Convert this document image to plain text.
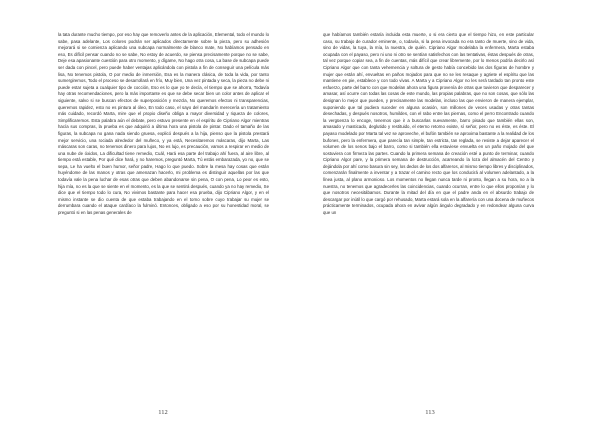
la tata durante mucho tiempo, por eso hay que removerlo antes de la aplicación, Elemental, todo el mundo lo sabe, pasa adelante, Los colores podrán ser aplicados directamente sobre la pieza, pero su adhesión mejorará si se comienza aplicando una subcapa normalmente de blanco mate, No habíamos pensado en eso, Es difícil pensar cuando no se sabe, No estoy de acuerdo, se piensa precisamente porque no se sabe, Deje esa apasionante cuestión para otro momento, y dígame, No hago otra cosa, La base de subcapa puede ser dada con pincel, pero puede haber ventajas aplicándola con pistola a fin de conseguir una película más lisa, No tenemos pistola, O por medio de inmersión, Esa es la manera clásica, de toda la vida, por tanto sumergiremos, Todo el proceso se desarrollará en frío, Muy bien, Una vez pintada y seca, la pieza no debe ni puede estar sujeta a cualquier tipo de cocción, Eso es lo que yo te decía, el tiempo que se ahorra, Todavía hay otras recomendaciones, pero la más importante es que se debe secar bien un color antes de aplicar el siguiente, salvo si se buscan efectos de superposición y mezcla, No queremos efectos ni transparencias, queremos rapidez, esto no es pintura al óleo, En todo caso, el sayo del mandarín merecería un tratamiento más cuidado, recordó Marta, mire que el propio diseño obliga a mayor diversidad y riqueza de colores, Simplificaremos. Esta palabra aún el debate, pero estuvo presente en el espíritu de Cipriano Algor mientras hacía sus compras, la prueba es que adquirió a última hora una pistola de pintar. Dado el tamaño de las figuras, la subcapa no gana nada siendo gruesa, explicó después a la hija, pienso que la pistola prestará mejor servicio, una rociada alrededor del muñeco, y ya está, Necesitaremos máscaras, dijo Marta, Las máscaras son caras, no tenemos dinero para lujos, No es lujo, es precaución, vamos a respirar en medio de una nube de óxidos, La dificultad tiene remedio, Cuál, Hará esa parte del trabajo ahí fuera, al aire libre, al tiempo está estable, Por qué dice hará, y no haremos, preguntó Marta, Tú estás embarazada, yo no, que se sepa, Le ha vuelto el buen humor, señor padre, Hago lo que puedo. Sobre la mesa hay cosas que están huyéndome de las manos y otras que amenazan hacerlo, mi problema es distinguir aquellas por las que todavía vale la pena luchar de esas otras que deben abandonarse sin pena, O con pena, Lo peor es esto, hija mía, no es la que se siente en el momento, es la que se sentirá después, cuando ya no hay remedio, Se dice que el tiempo todo lo cura, No vivimos bastante para hacer esa prueba, dijo Cipriano Algor, y en el mismo instante se dio cuenta de que estaba trabajando en el torno sobre cuyo trabajar su mujer se derrumbara cuando el ataque cardíaco la fulminó. Entonces, obligado a eso por su honestidad moral, se preguntó si en las penas generales de
112
que habíamos también estaría incluida esta muerte, o si era cierto que el tiempo hizo, en este particular caso, su trabajo de curador eminente, o, todavía, si la pena invocada no era tanto de muerte, sino de vida, sino de vidas, la tuya, la mía, la nuestra, de quién. Cipriano Algor modelaba la enfermera, Marta estaba ocupada con el payaso, pero ni uno ni otro se sentían satisfechos con las tentativas, éstas después de otras, tal vez porque copiar sea, a fin de cuentas, más difícil que crear libremente, por lo menos podría decirlo así Cipriano Algor que con tanta vehemencia y soltura de gesto había concebido las dos figuras de hombre y mujer que están ahí, envueltas en paños mojados para que no se les resaque y agriete el espíritu que las mantiene en pie, establece y con todo vivas. A Marta y a Cipriano Algor no les será tardado tan pronto este esfuerzo, parte del barro con que modelan ahora una figura provenía de otras que tuvieron que desparecer y amasar, así ocurre con todas las cosas de este mundo, las propias palabras, que no son cosas, que sólo las designan lo mejor que pueden, y precisamente las modelan, incluso las que envieron de manera ejemplar, suponiendo que tal pudiera suceder en alguna ocasión, son millones de veces usadas y otras tantas desechadas, y después nosotros, humildes, con el rabo entre las piernas, como el perro Encontrado cuando la vergüenza lo encoge, tenemos que ir a buscarlas nuevamente, barro pisado que también ellas son, amasado y masticado, deglutido y restituido, el eterno retorno existe, sí señor, pero no es éste, es éste. El payaso modelado por Marta tal vez se aproveche, el bufón también se aproxima bastante a la realidad de los bufones, pero la enfermera, que parecía tan simple, tan estricta, tan reglada, se resiste a dejar aparecer el volumen de los senos bajo el barro, como si también ella estuviese envuelta en un paño mojado del que sostuviera con firmeza las partes. Cuando la primera semana de creación esté a punto de terminar, cuando Cipriano Algor pare, y la primera semana de destrucción, acarreando la loza del almacén del Centro y dejándola por ahí como basura sin sey, los dedos de los dos alfareros, al mismo tiempo libres y disciplinados, comenzarán finalmente a inventar y a trazar el camino recto que los conducirá al volumen adelantado, a la línea justa, al plano armonioso. Los momentos no llegan nunca tarde ni pronto, llegan a su hora, no a la nuestra, no tenemos que agradecerles las coincidencias, cuando ocurran, entre lo que ellos proponían y lo que nosotros necesitábamos. Durante la mitad del día en que el padre anda en el absurdo trabajo de descargar por inútil lo que cargó por rehusado, Marta estará sola en la alfarería con una docena de muñecos prácticamente terminados, ocupada ahora en avivar algún ángulo degradado y en redondear alguna curva que un
113
